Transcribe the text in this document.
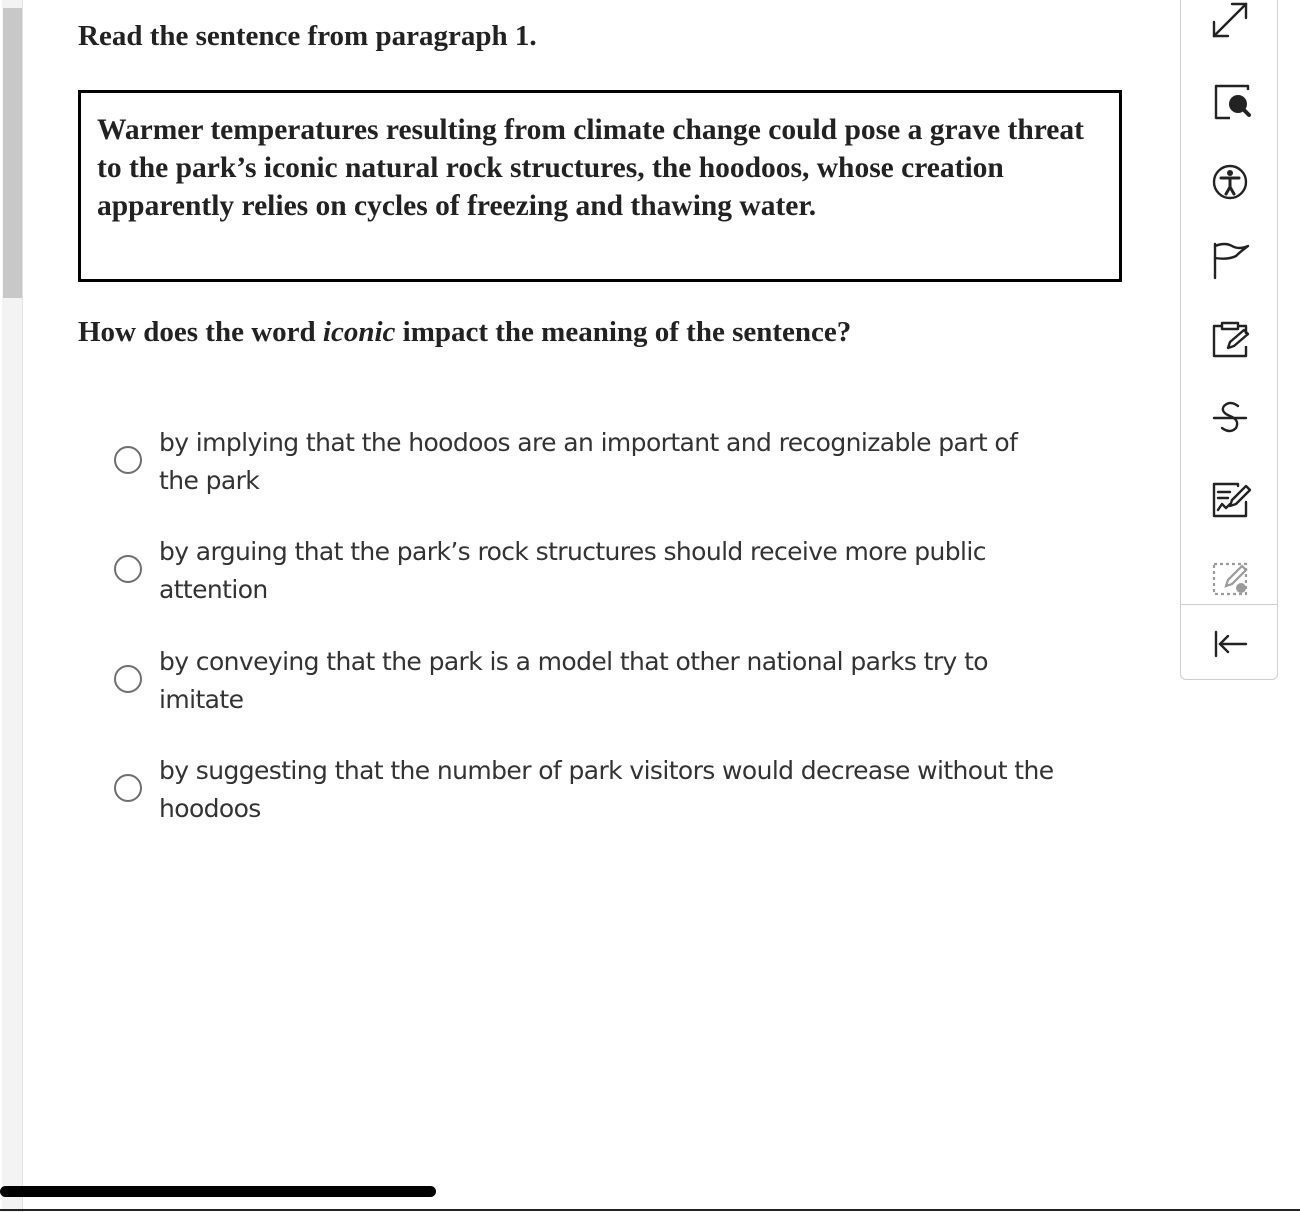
Read the sentence from paragraph 1.

Warmer temperatures resulting from climate change could pose a grave threat to the park’s iconic natural rock structures, the hoodoos, whose creation apparently relies on cycles of freezing and thawing water.

How does the word iconic impact the meaning of the sentence?

by implying that the hoodoos are an important and recognizable part of the park
by arguing that the park’s rock structures should receive more public attention
by conveying that the park is a model that other national parks try to imitate
by suggesting that the number of park visitors would decrease without the hoodoos
